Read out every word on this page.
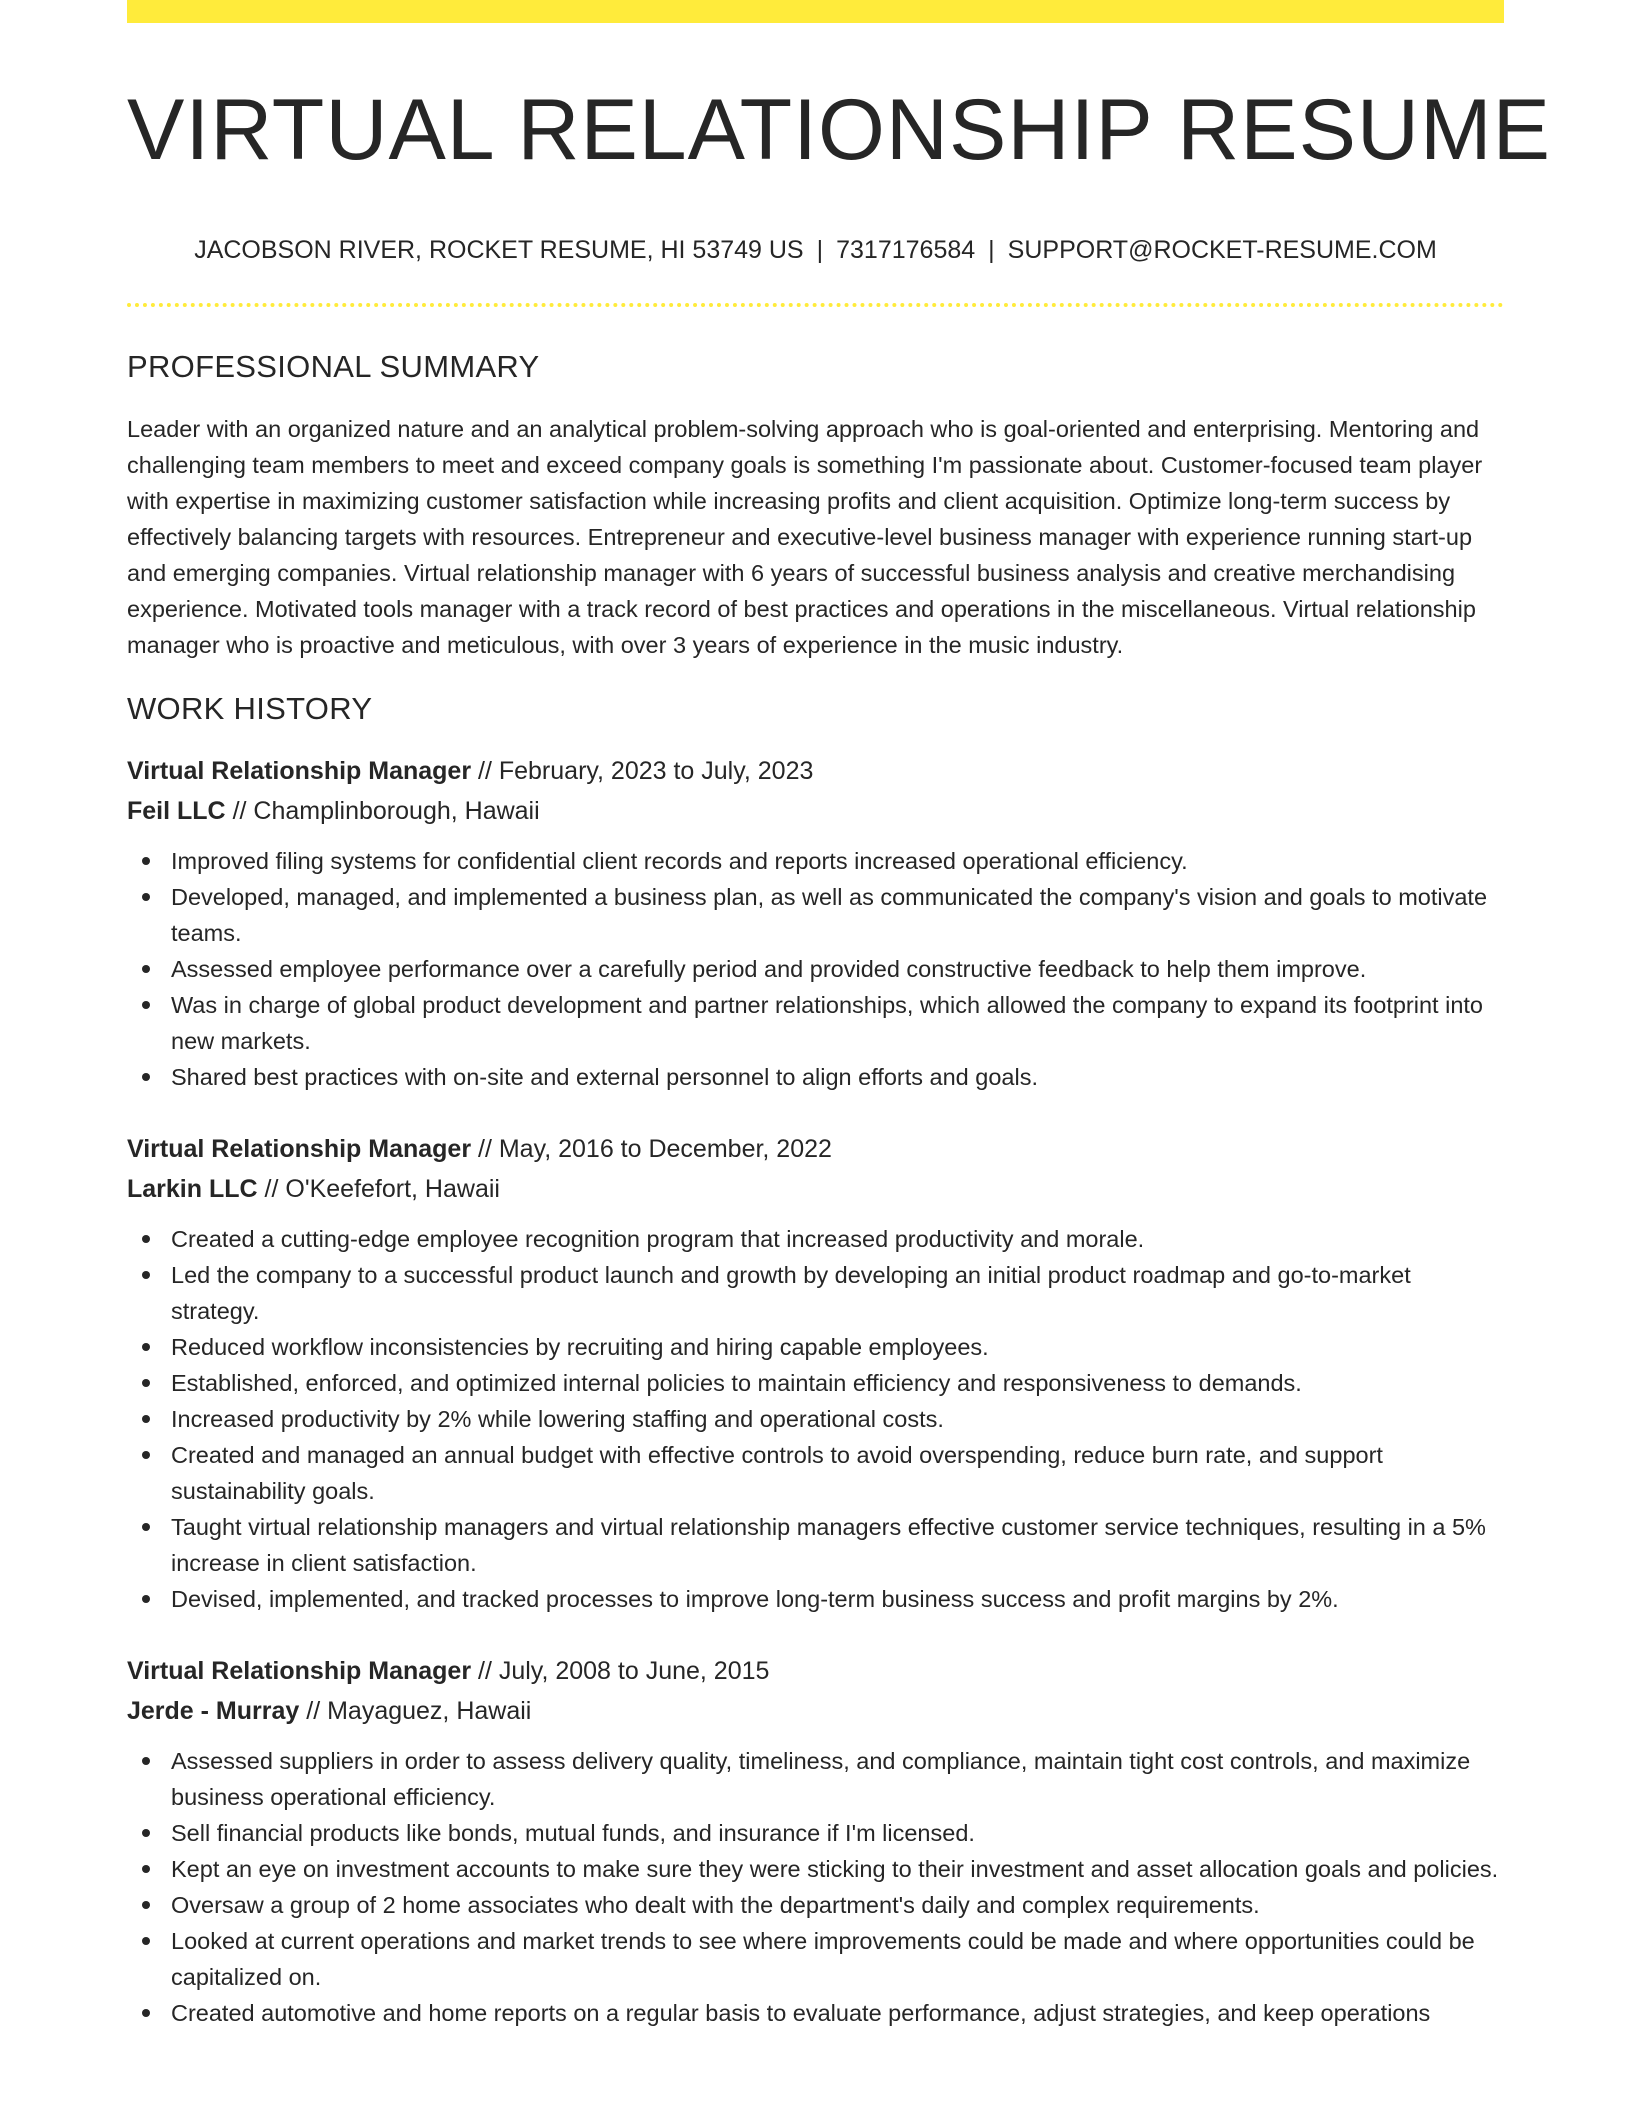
VIRTUAL RELATIONSHIP RESUME
JACOBSON RIVER, ROCKET RESUME, HI 53749 US | 7317176584 | SUPPORT@ROCKET-RESUME.COM
PROFESSIONAL SUMMARY

Leader with an organized nature and an analytical problem-solving approach who is goal-oriented and enterprising. Mentoring and challenging team members to meet and exceed company goals is something I'm passionate about. Customer-focused team player with expertise in maximizing customer satisfaction while increasing profits and client acquisition. Optimize long-term success by effectively balancing targets with resources. Entrepreneur and executive-level business manager with experience running start-up and emerging companies. Virtual relationship manager with 6 years of successful business analysis and creative merchandising experience. Motivated tools manager with a track record of best practices and operations in the miscellaneous. Virtual relationship manager who is proactive and meticulous, with over 3 years of experience in the music industry.

WORK HISTORY
Virtual Relationship Manager // February, 2023 to July, 2023
Feil LLC // Champlinborough, Hawaii
Improved filing systems for confidential client records and reports increased operational efficiency.
Developed, managed, and implemented a business plan, as well as communicated the company's vision and goals to motivate teams.
Assessed employee performance over a carefully period and provided constructive feedback to help them improve.
Was in charge of global product development and partner relationships, which allowed the company to expand its footprint into new markets.
Shared best practices with on-site and external personnel to align efforts and goals.
Virtual Relationship Manager // May, 2016 to December, 2022
Larkin LLC // O'Keefefort, Hawaii
Created a cutting-edge employee recognition program that increased productivity and morale.
Led the company to a successful product launch and growth by developing an initial product roadmap and go-to-market strategy.
Reduced workflow inconsistencies by recruiting and hiring capable employees.
Established, enforced, and optimized internal policies to maintain efficiency and responsiveness to demands.
Increased productivity by 2% while lowering staffing and operational costs.
Created and managed an annual budget with effective controls to avoid overspending, reduce burn rate, and support sustainability goals.
Taught virtual relationship managers and virtual relationship managers effective customer service techniques, resulting in a 5% increase in client satisfaction.
Devised, implemented, and tracked processes to improve long-term business success and profit margins by 2%.
Virtual Relationship Manager // July, 2008 to June, 2015
Jerde - Murray // Mayaguez, Hawaii
Assessed suppliers in order to assess delivery quality, timeliness, and compliance, maintain tight cost controls, and maximize business operational efficiency.
Sell financial products like bonds, mutual funds, and insurance if I'm licensed.
Kept an eye on investment accounts to make sure they were sticking to their investment and asset allocation goals and policies.
Oversaw a group of 2 home associates who dealt with the department's daily and complex requirements.
Looked at current operations and market trends to see where improvements could be made and where opportunities could be capitalized on.
Created automotive and home reports on a regular basis to evaluate performance, adjust strategies, and keep operations
